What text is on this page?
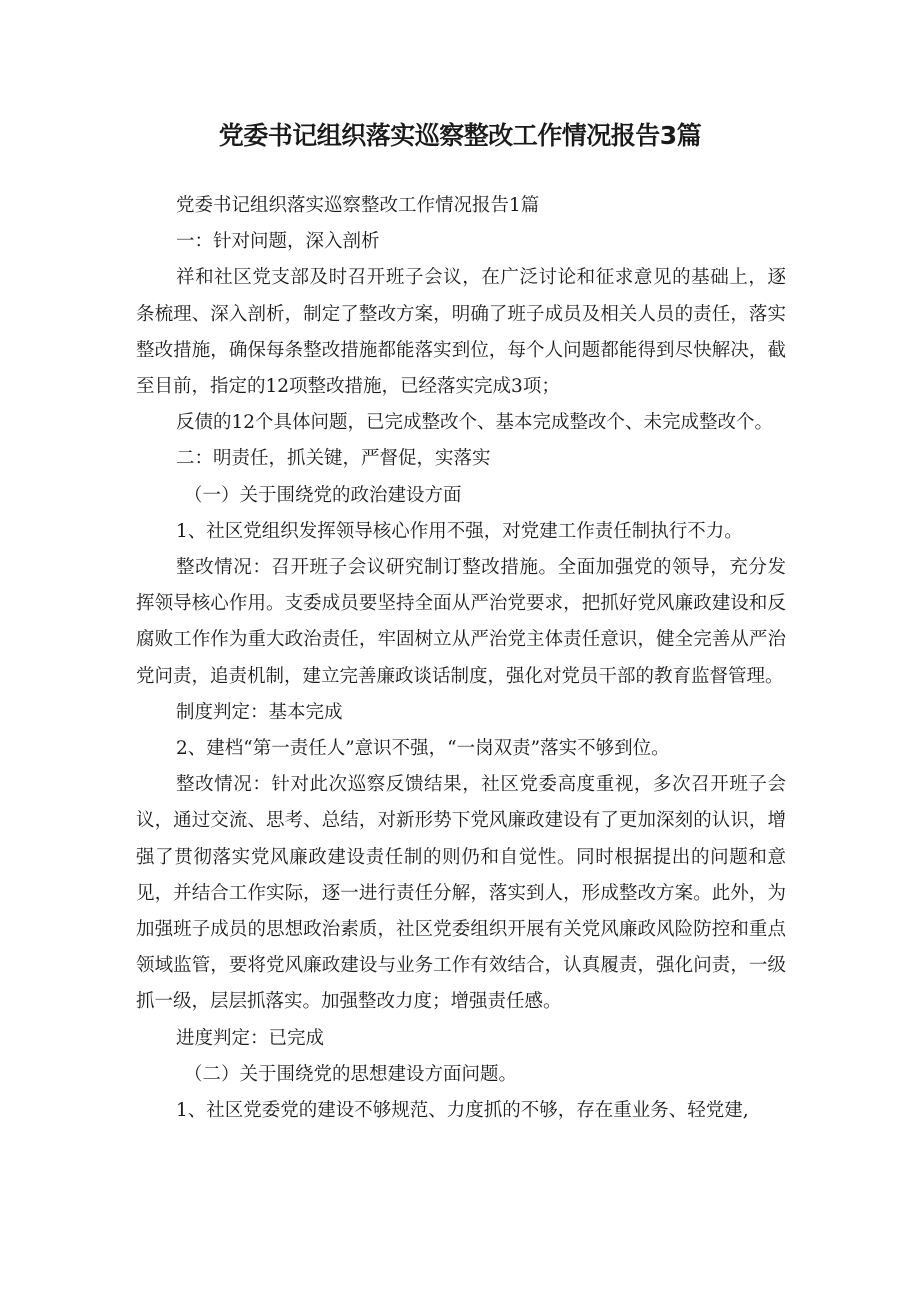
党委书记组织落实巡察整改工作情况报告3篇

党委书记组织落实巡察整改工作情况报告1篇

一：针对问题，深入剖析

祥和社区党支部及时召开班子会议，在广泛讨论和征求意见的基础上，逐条梳理、深入剖析，制定了整改方案，明确了班子成员及相关人员的责任，落实整改措施，确保每条整改措施都能落实到位，每个人问题都能得到尽快解决，截至目前，指定的12项整改措施，已经落实完成3项；

反债的12个具体问题，已完成整改个、基本完成整改个、未完成整改个。

二：明责任，抓关键，严督促，实落实

（一）关于围绕党的政治建设方面

1、社区党组织发挥领导核心作用不强，对党建工作责任制执行不力。

整改情况：召开班子会议研究制订整改措施。全面加强党的领导，充分发挥领导核心作用。支委成员要坚持全面从严治党要求，把抓好党风廉政建设和反腐败工作作为重大政治责任，牢固树立从严治党主体责任意识，健全完善从严治党问责，追责机制，建立完善廉政谈话制度，强化对党员干部的教育监督管理。

制度判定：基本完成

2、建档“第一责任人”意识不强，“一岗双责”落实不够到位。

整改情况：针对此次巡察反馈结果，社区党委高度重视，多次召开班子会议，通过交流、思考、总结，对新形势下党风廉政建设有了更加深刻的认识，增强了贯彻落实党风廉政建设责任制的则仍和自觉性。同时根据提出的问题和意见，并结合工作实际，逐一进行责任分解，落实到人，形成整改方案。此外，为加强班子成员的思想政治素质，社区党委组织开展有关党风廉政风险防控和重点领域监管，要将党风廉政建设与业务工作有效结合，认真履责，强化问责，一级抓一级，层层抓落实。加强整改力度；增强责任感。

进度判定：已完成

（二）关于围绕党的思想建设方面问题。

1、社区党委党的建设不够规范、力度抓的不够，存在重业务、轻党建,
